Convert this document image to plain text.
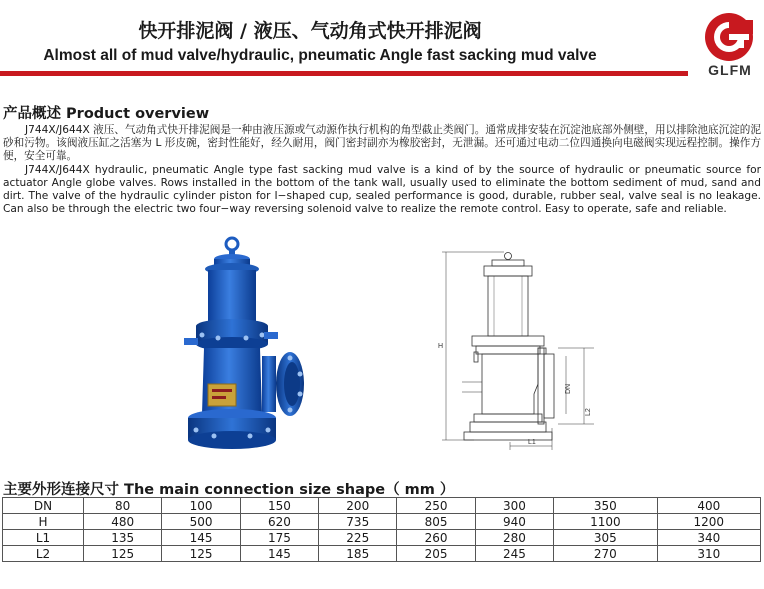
快开排泥阀 / 液压、气动角式快开排泥阀
Almost all of mud valve/hydraulic, pneumatic Angle fast sacking mud valve
GLFM
产品概述 Product overview

J744X/J644X 液压、气动角式快开排泥阀是一种由液压源或气动源作执行机构的角型截止类阀门。通常成排安装在沉淀池底部外侧壁，用以排除池底沉淀的泥砂和污物。该阀液压缸之活塞为 L 形皮碗，密封性能好，经久耐用，阀门密封副亦为橡胶密封，无泄漏。还可通过电动二位四通换向电磁阀实现远程控制。操作方便，安全可靠。

J744X/J644X hydraulic, pneumatic Angle type fast sacking mud valve is a kind of by the source of hydraulic or pneumatic source for actuator Angle globe valves. Rows installed in the bottom of the tank wall, usually used to eliminate the bottom sediment of mud, sand and dirt. The valve of the hydraulic cylinder piston for I−shaped cup, sealed performance is good, durable, rubber seal, valve seal is no leakage. Can also be through the electric two four−way reversing solenoid valve to realize the remote control. Easy to operate, safe and reliable.

H
DN
L2
L1
主要外形连接尺寸 The main connection size shape（ mm ）
DN	80	100	150	200	250	300	350	400
H	480	500	620	735	805	940	1100	1200
L1	135	145	175	225	260	280	305	340
L2	125	125	145	185	205	245	270	310
